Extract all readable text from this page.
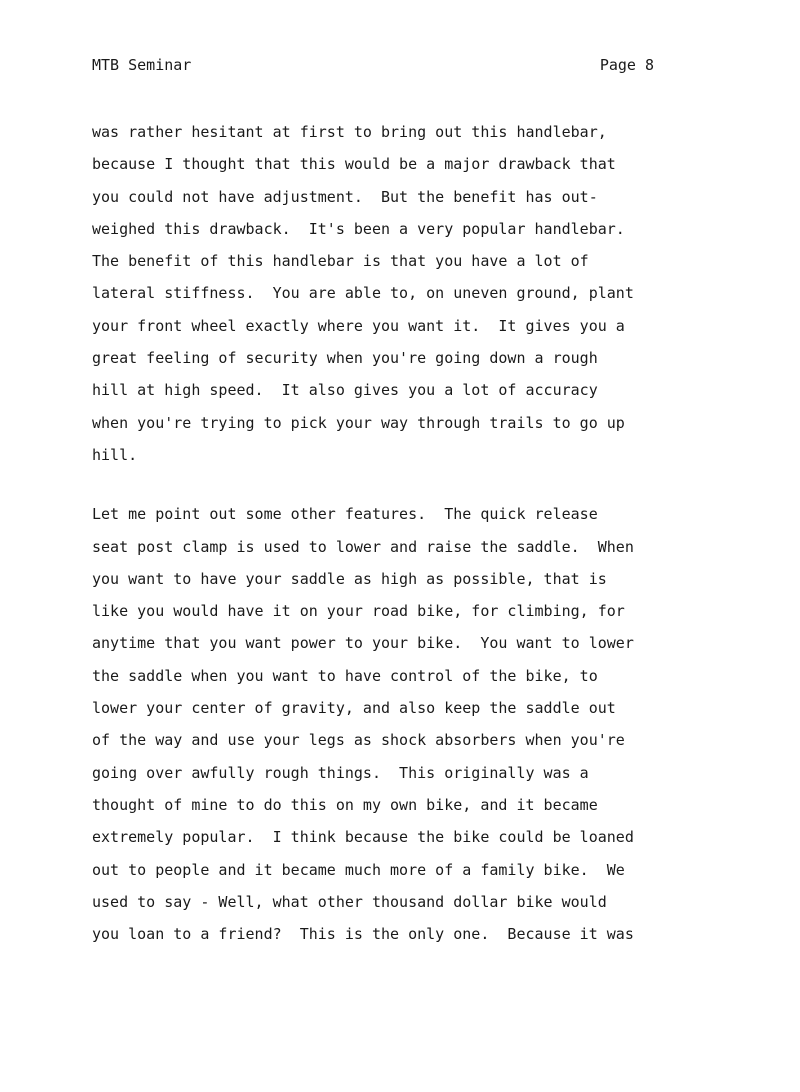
MTB Seminar	Page 8
was rather hesitant at first to bring out this handlebar,
because I thought that this would be a major drawback that
you could not have adjustment.  But the benefit has out-
weighed this drawback.  It's been a very popular handlebar.
The benefit of this handlebar is that you have a lot of
lateral stiffness.  You are able to, on uneven ground, plant
your front wheel exactly where you want it.  It gives you a
great feeling of security when you're going down a rough
hill at high speed.  It also gives you a lot of accuracy
when you're trying to pick your way through trails to go up
hill.
Let me point out some other features.  The quick release
seat post clamp is used to lower and raise the saddle.  When
you want to have your saddle as high as possible, that is
like you would have it on your road bike, for climbing, for
anytime that you want power to your bike.  You want to lower
the saddle when you want to have control of the bike, to
lower your center of gravity, and also keep the saddle out
of the way and use your legs as shock absorbers when you're
going over awfully rough things.  This originally was a
thought of mine to do this on my own bike, and it became
extremely popular.  I think because the bike could be loaned
out to people and it became much more of a family bike.  We
used to say - Well, what other thousand dollar bike would
you loan to a friend?  This is the only one.  Because it was
